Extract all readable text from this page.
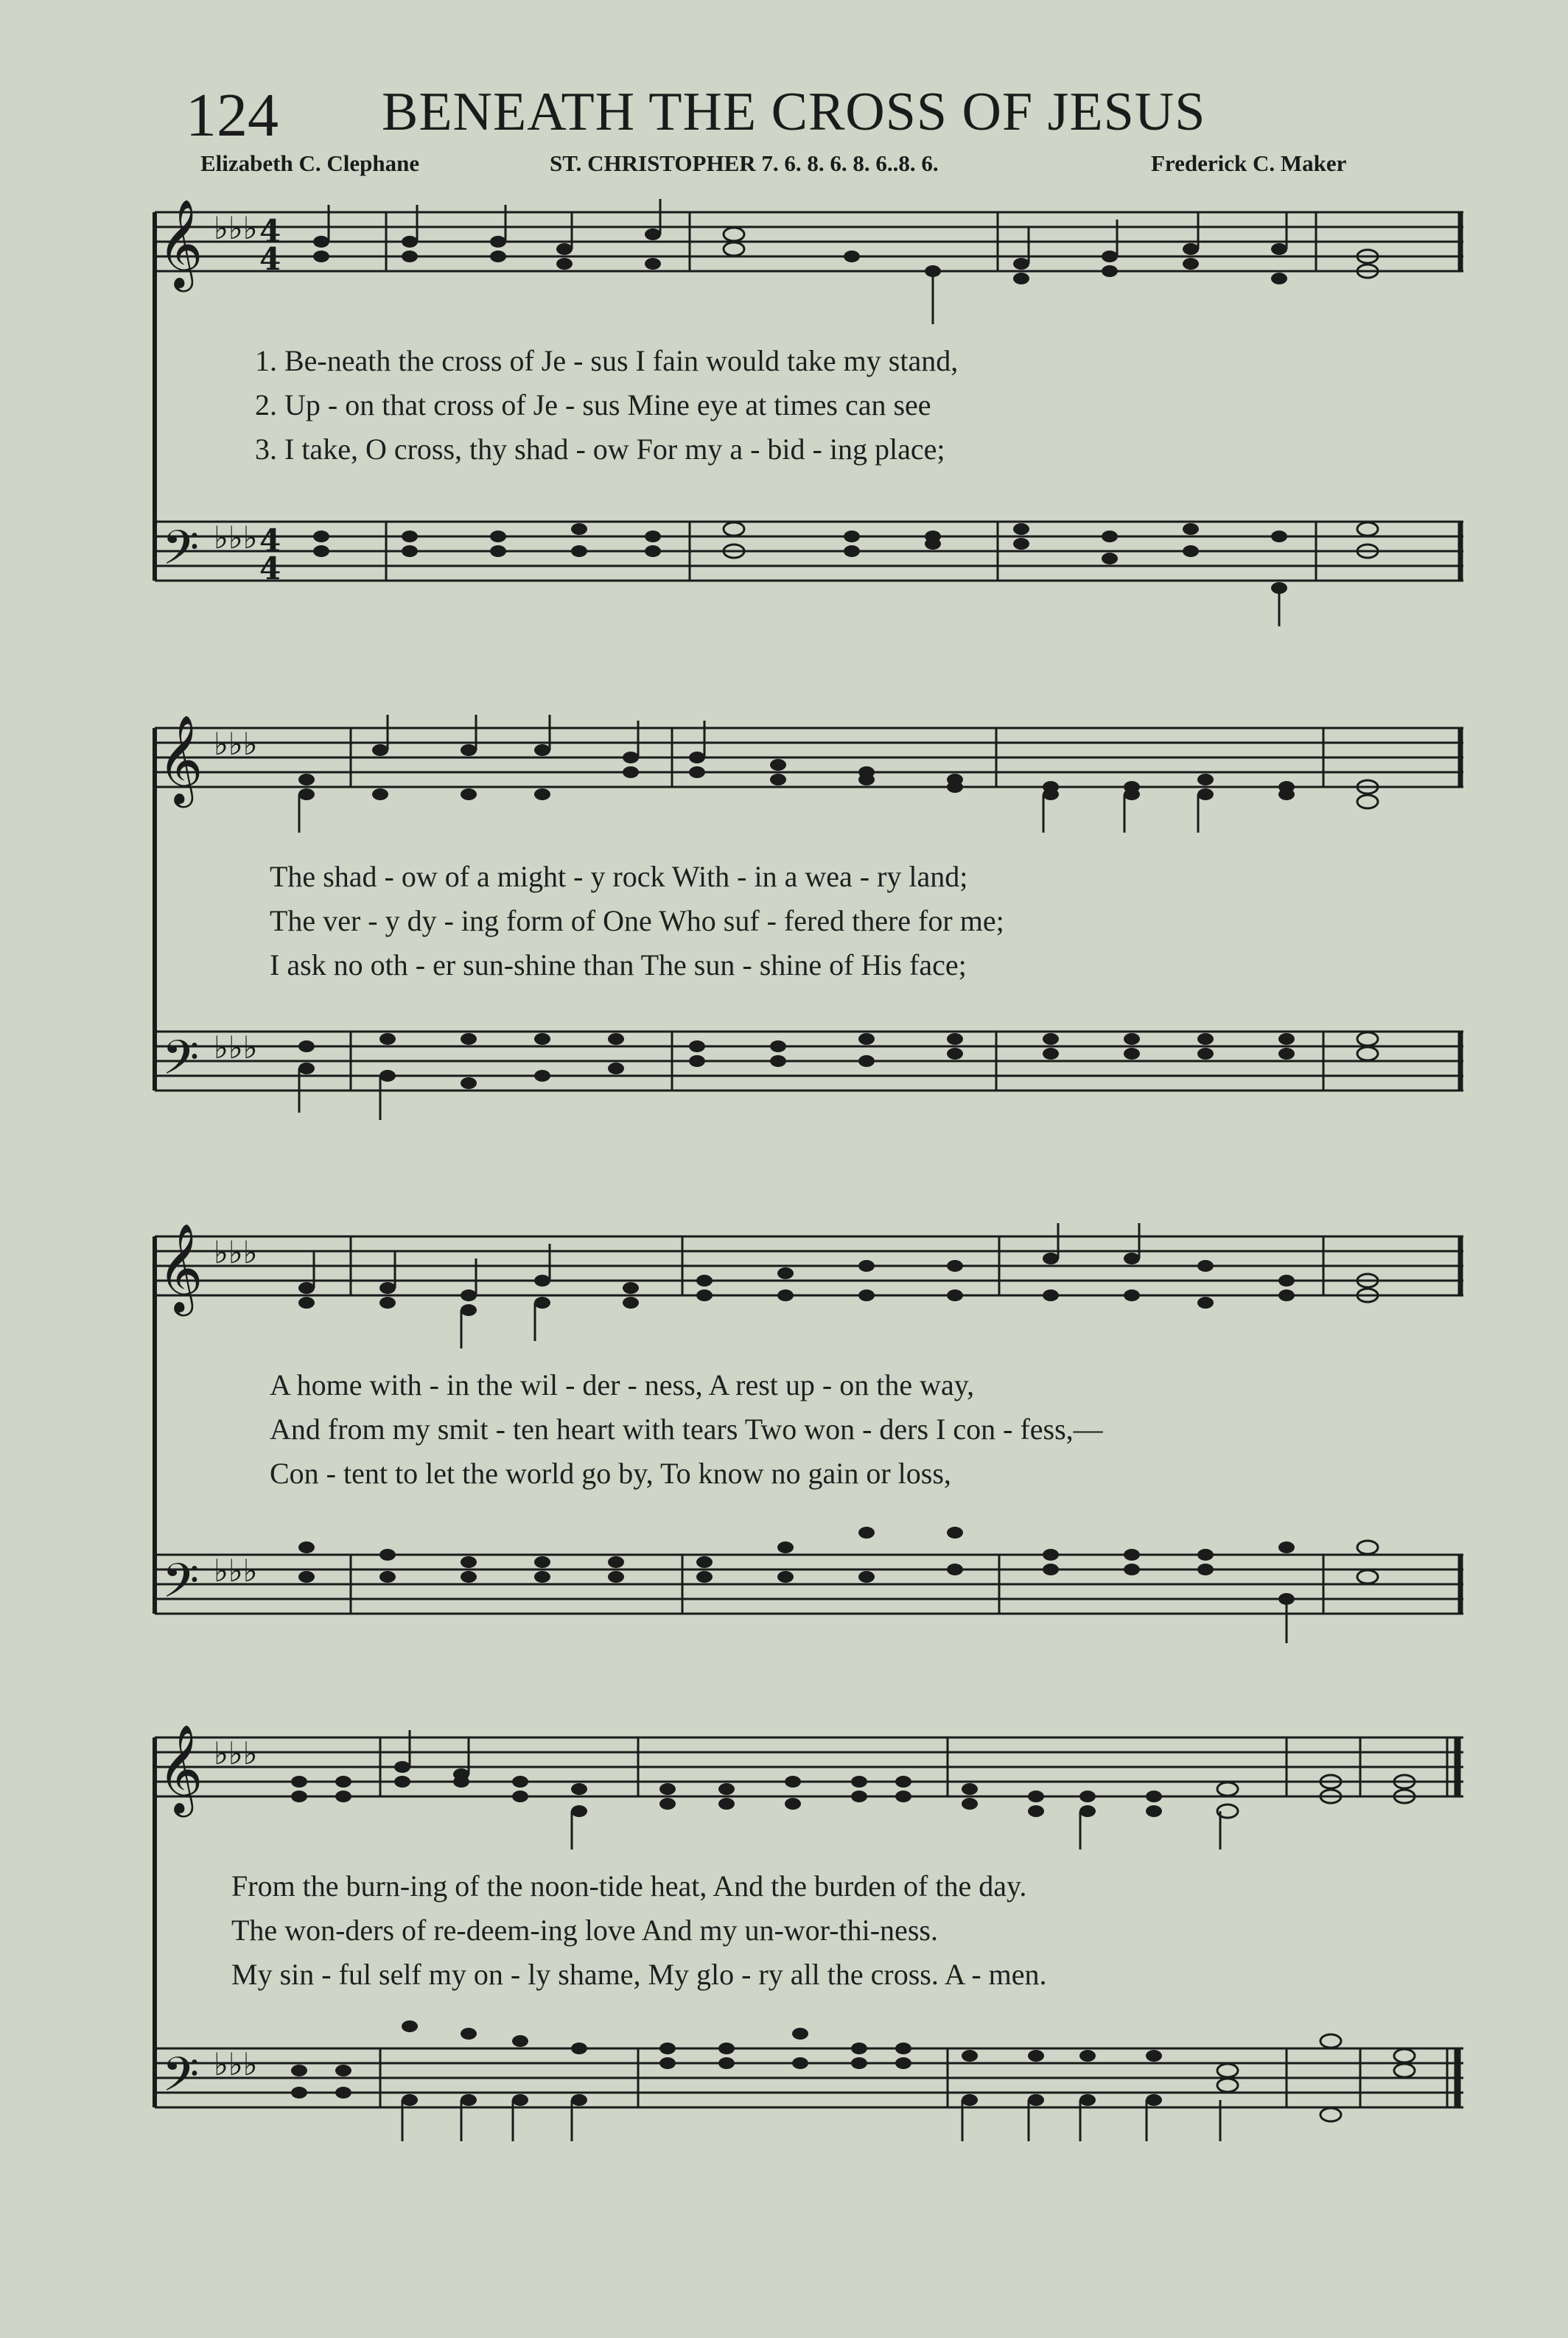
124 BENEATH THE CROSS OF JESUS
Elizabeth C. Clephane	ST. CHRISTOPHER 7. 6. 8. 6. 8. 6..8. 6.	Frederick C. Maker
𝄞
𝄢
♭♭♭
♭♭♭
4
4
4
4
1. Be-neath the cross of Je - sus I fain would take my stand,
2. Up - on that cross of Je - sus Mine eye at times can see
3. I take, O cross, thy shad - ow For my a - bid - ing place;
𝄞
𝄢
♭♭♭
♭♭♭
The shad - ow of a might - y rock With - in a wea - ry land;
The ver - y dy - ing form of One Who suf - fered there for me;
I ask no oth - er sun-shine than The sun - shine of His face;
𝄞
𝄢
♭♭♭
♭♭♭
A home with - in the wil - der - ness, A rest up - on the way,
And from my smit - ten heart with tears Two won - ders I con - fess,—
Con - tent to let the world go by, To know no gain or loss,
𝄞
𝄢
♭♭♭
♭♭♭
From the burn-ing of the noon-tide heat, And the burden of the day.
The won-ders of re-deem-ing love And my un-wor-thi-ness.
My sin - ful self my on - ly shame, My glo - ry all the cross. A - men.
